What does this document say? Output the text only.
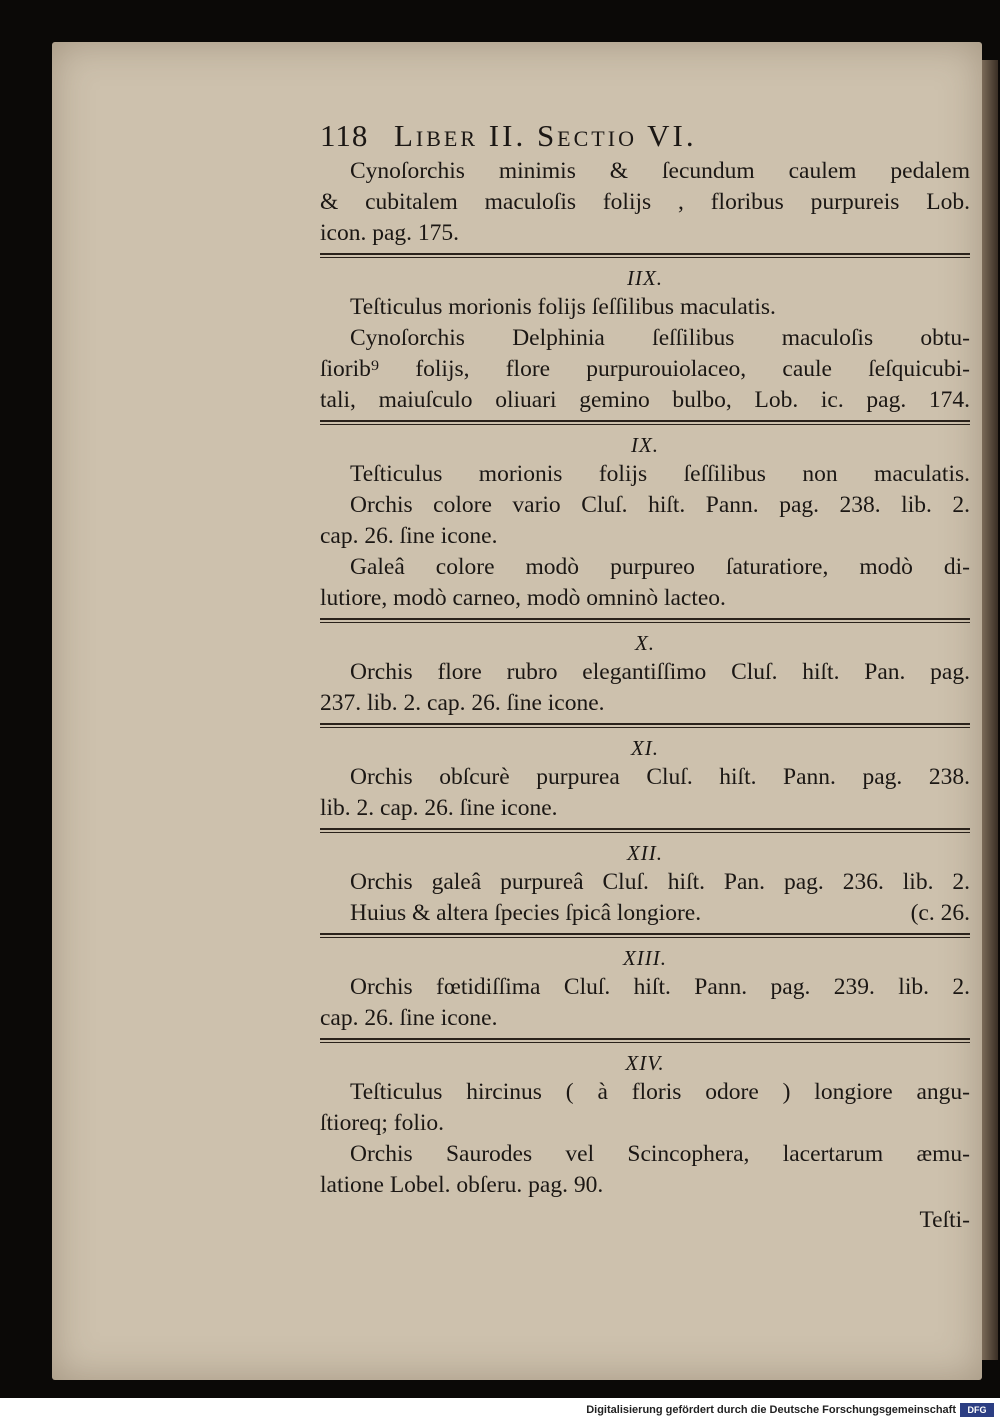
118 Liber II. Sectio VI.
Cynoſorchis minimis & ſecundum caulem pedalem
& cubitalem maculoſis folijs , floribus purpureis Lob.
icon. pag. 175.
IIX.
Teſticulus morionis folijs ſeſſilibus maculatis.
Cynoſorchis Delphinia ſeſſilibus maculoſis obtu-
ſiorib⁹ folijs, flore purpurouiolaceo, caule ſeſquicubi-
tali, maiuſculo oliuari gemino bulbo, Lob. ic. pag. 174.
IX.
Teſticulus morionis folijs ſeſſilibus non maculatis.
Orchis colore vario Cluſ. hiſt. Pann. pag. 238. lib. 2.
cap. 26. ſine icone.
Galeâ colore modò purpureo ſaturatiore, modò di-
lutiore, modò carneo, modò omninò lacteo.
X.
Orchis flore rubro elegantiſſimo Cluſ. hiſt. Pan. pag.
237. lib. 2. cap. 26. ſine icone.
XI.
Orchis obſcurè purpurea Cluſ. hiſt. Pann. pag. 238.
lib. 2. cap. 26. ſine icone.
XII.
Orchis galeâ purpureâ Cluſ. hiſt. Pan. pag. 236. lib. 2.
Huius & altera ſpecies ſpicâ longiore.	(c. 26.
XIII.
Orchis fœtidiſſima Cluſ. hiſt. Pann. pag. 239. lib. 2.
cap. 26. ſine icone.
XIV.
Teſticulus hircinus ( à floris odore ) longiore angu-
ſtioreq; folio.
Orchis Saurodes vel Scincophera, lacertarum æmu-
latione Lobel. obſeru. pag. 90.
Teſti-
Digitalisierung gefördert durch die Deutsche Forschungsgemeinschaft	DFG
